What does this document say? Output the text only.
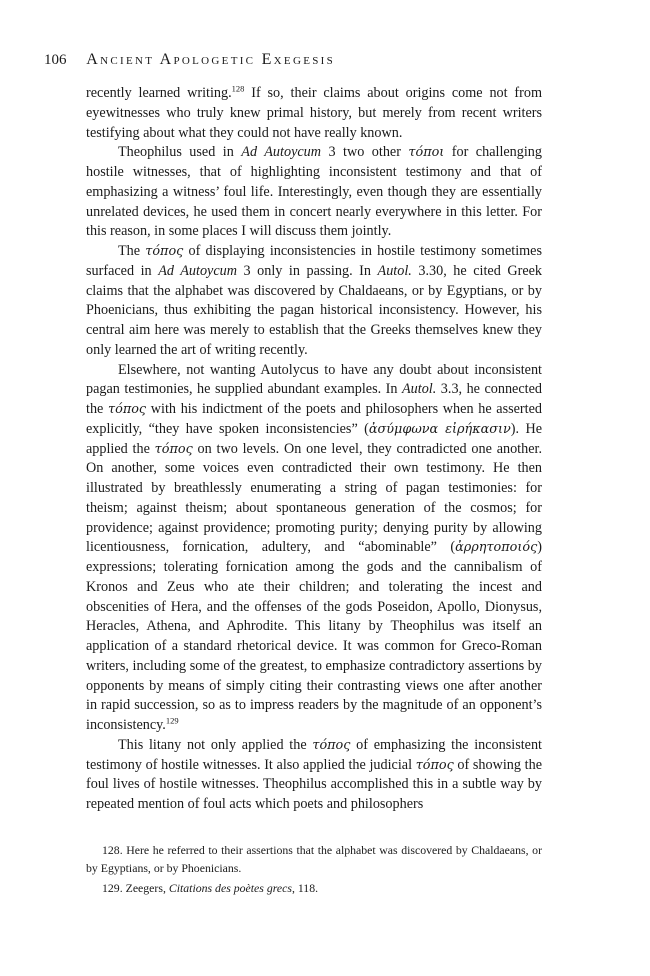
106 Ancient Apologetic Exegesis

recently learned writing.$^{128}$ If so, their claims about origins come not from eyewitnesses who truly knew primal history, but merely from recent writers testifying about what they could not have really known.

Theophilus used in Ad Autoycum 3 two other τόποι for challenging hostile witnesses, that of highlighting inconsistent testimony and that of emphasizing a witness’ foul life. Interestingly, even though they are essentially unrelated devices, he used them in concert nearly everywhere in this letter. For this reason, in some places I will discuss them jointly.

The τόπος of displaying inconsistencies in hostile testimony sometimes surfaced in Ad Autoycum 3 only in passing. In Autol. 3.30, he cited Greek claims that the alphabet was discovered by Chaldaeans, or by Egyptians, or by Phoenicians, thus exhibiting the pagan historical inconsistency. However, his central aim here was merely to establish that the Greeks themselves knew they only learned the art of writing recently.

Elsewhere, not wanting Autolycus to have any doubt about inconsistent pagan testimonies, he supplied abundant examples. In Autol. 3.3, he connected the τόπος with his indictment of the poets and philosophers when he asserted explicitly, “they have spoken inconsistencies” (ἀσύμφωνα εἰρήκασιν). He applied the τόπος on two levels. On one level, they contradicted one another. On another, some voices even contradicted their own testimony. He then illustrated by breathlessly enumerating a string of pagan testimonies: for theism; against theism; about spontaneous generation of the cosmos; for providence; against providence; promoting purity; denying purity by allowing licentiousness, fornication, adultery, and “abominable” (ἀρρητοποιός) expressions; tolerating fornication among the gods and the cannibalism of Kronos and Zeus who ate their children; and tolerating the incest and obscenities of Hera, and the offenses of the gods Poseidon, Apollo, Dionysus, Heracles, Athena, and Aphrodite. This litany by Theophilus was itself an application of a standard rhetorical device. It was common for Greco-Roman writers, including some of the greatest, to emphasize contradictory assertions by opponents by means of simply citing their contrasting views one after another in rapid succession, so as to impress readers by the magnitude of an opponent’s inconsistency.$^{129}$

This litany not only applied the τόπος of emphasizing the inconsistent testimony of hostile witnesses. It also applied the judicial τόπος of showing the foul lives of hostile witnesses. Theophilus accomplished this in a subtle way by repeated mention of foul acts which poets and philosophers

128. Here he referred to their assertions that the alphabet was discovered by Chaldaeans, or by Egyptians, or by Phoenicians.

129. Zeegers, Citations des poètes grecs, 118.
